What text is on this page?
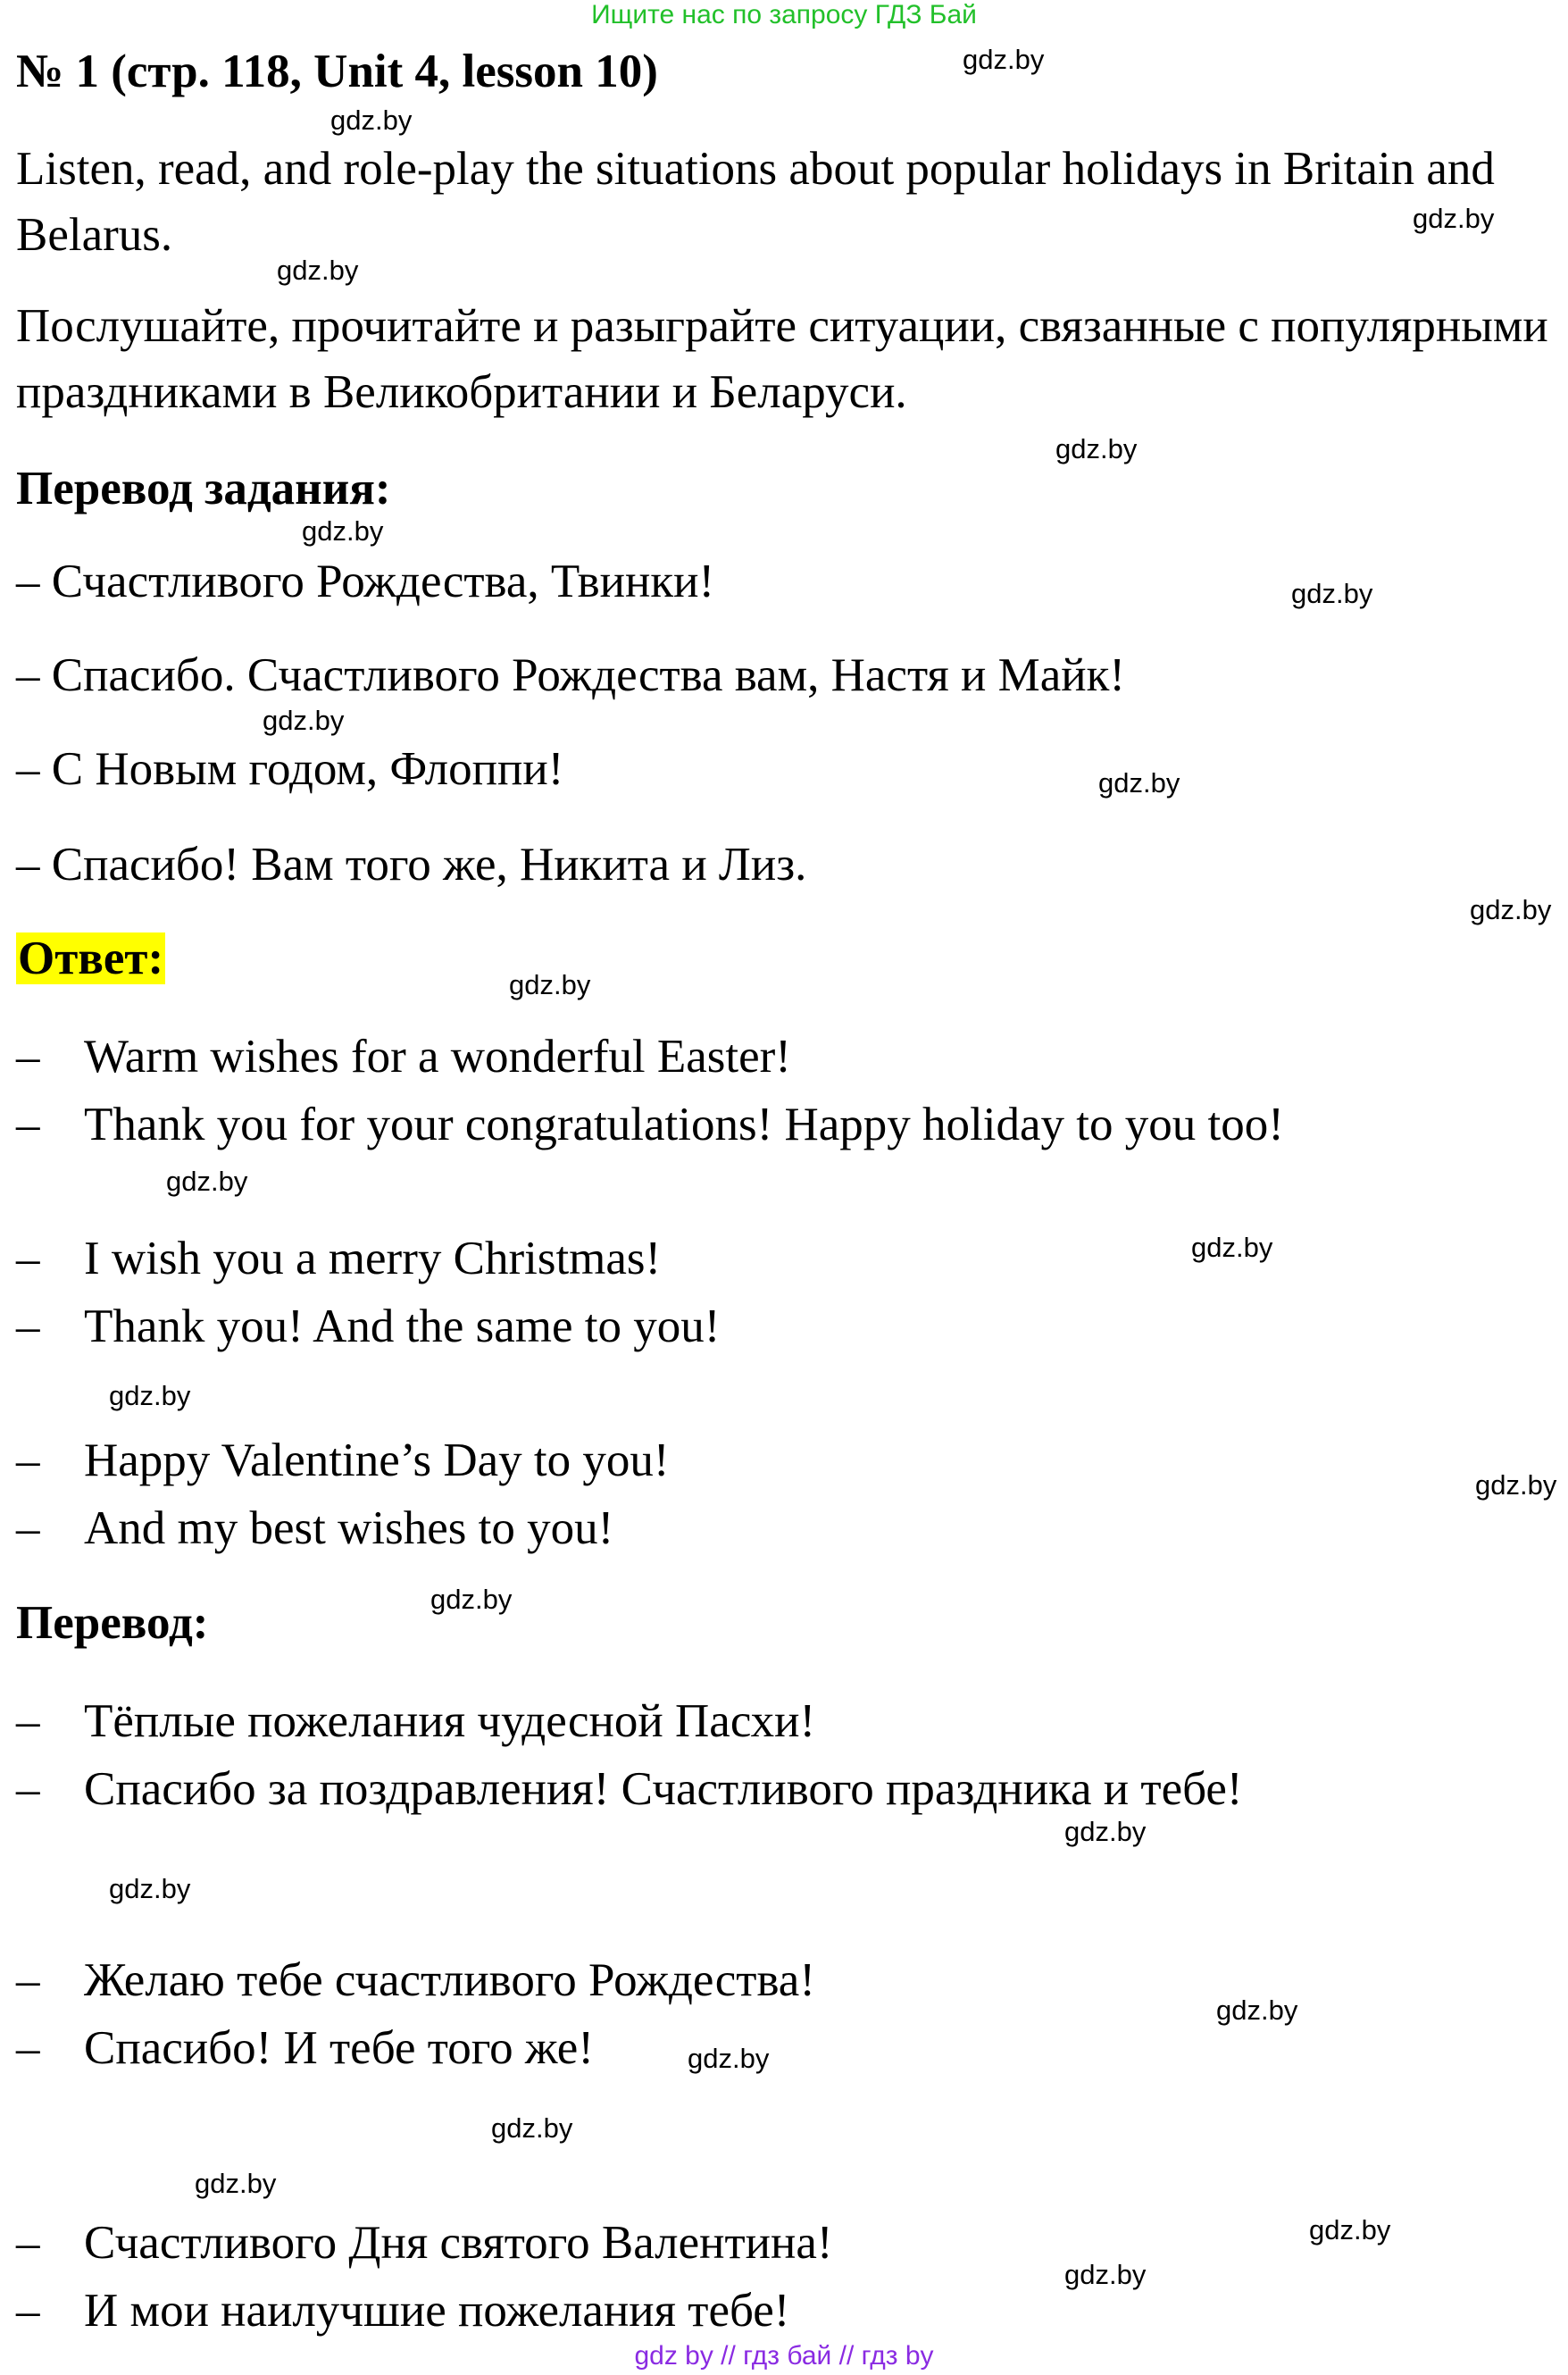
Ищите нас по запросу ГДЗ Бай
№ 1 (стр. 118, Unit 4, lesson 10)
Listen, read, and role-play the situations about popular holidays in Britain and Belarus.
Послушайте, прочитайте и разыграйте ситуации, связанные с популярными праздниками в Великобритании и Беларуси.
Перевод задания:
– Счастливого Рождества, Твинки!
– Спасибо. Счастливого Рождества вам, Настя и Майк!
– С Новым годом, Флоппи!
– Спасибо! Вам того же, Никита и Лиз.
Ответ:
– Warm wishes for a wonderful Easter!
– Thank you for your congratulations! Happy holiday to you too!
– I wish you a merry Christmas!
– Thank you! And the same to you!
– Happy Valentine’s Day to you!
– And my best wishes to you!
Перевод:
– Тёплые пожелания чудесной Пасхи!
– Спасибо за поздравления! Счастливого праздника и тебе!
– Желаю тебе счастливого Рождества!
– Спасибо! И тебе того же!
– Счастливого Дня святого Валентина!
– И мои наилучшие пожелания тебе!
gdz.by
gdz.by
gdz.by
gdz.by
gdz.by
gdz.by
gdz.by
gdz.by
gdz.by
gdz.by
gdz.by
gdz.by
gdz.by
gdz.by
gdz.by
gdz.by
gdz.by
gdz.by
gdz.by
gdz.by
gdz.by
gdz.by
gdz.by
gdz.by
gdz by // гдз бай // гдз by
